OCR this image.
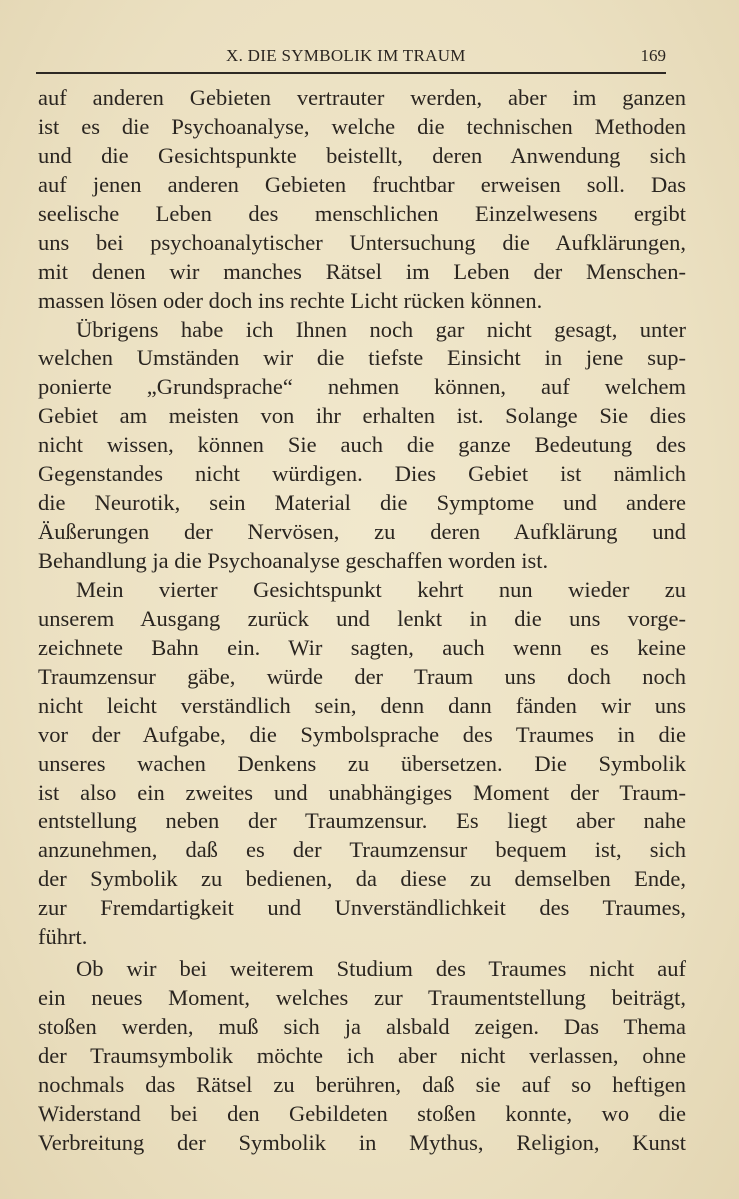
X. DIE SYMBOLIK IM TRAUM	169
auf anderen Gebieten vertrauter werden, aber im ganzen
ist es die Psychoanalyse, welche die technischen Methoden
und die Gesichtspunkte beistellt, deren Anwendung sich
auf jenen anderen Gebieten fruchtbar erweisen soll. Das
seelische Leben des menschlichen Einzelwesens ergibt
uns bei psychoanalytischer Untersuchung die Aufklärungen,
mit denen wir manches Rätsel im Leben der Menschen-
massen lösen oder doch ins rechte Licht rücken können.
Übrigens habe ich Ihnen noch gar nicht gesagt, unter
welchen Umständen wir die tiefste Einsicht in jene sup-
ponierte „Grundsprache“ nehmen können, auf welchem
Gebiet am meisten von ihr erhalten ist. Solange Sie dies
nicht wissen, können Sie auch die ganze Bedeutung des
Gegenstandes nicht würdigen. Dies Gebiet ist nämlich
die Neurotik, sein Material die Symptome und andere
Äußerungen der Nervösen, zu deren Aufklärung und
Behandlung ja die Psychoanalyse geschaffen worden ist.
Mein vierter Gesichtspunkt kehrt nun wieder zu
unserem Ausgang zurück und lenkt in die uns vorge-
zeichnete Bahn ein. Wir sagten, auch wenn es keine
Traumzensur gäbe, würde der Traum uns doch noch
nicht leicht verständlich sein, denn dann fänden wir uns
vor der Aufgabe, die Symbolsprache des Traumes in die
unseres wachen Denkens zu übersetzen. Die Symbolik
ist also ein zweites und unabhängiges Moment der Traum-
entstellung neben der Traumzensur. Es liegt aber nahe
anzunehmen, daß es der Traumzensur bequem ist, sich
der Symbolik zu bedienen, da diese zu demselben Ende,
zur Fremdartigkeit und Unverständlichkeit des Traumes,
führt.
Ob wir bei weiterem Studium des Traumes nicht auf
ein neues Moment, welches zur Traumentstellung beiträgt,
stoßen werden, muß sich ja alsbald zeigen. Das Thema
der Traumsymbolik möchte ich aber nicht verlassen, ohne
nochmals das Rätsel zu berühren, daß sie auf so heftigen
Widerstand bei den Gebildeten stoßen konnte, wo die
Verbreitung der Symbolik in Mythus, Religion, Kunst
